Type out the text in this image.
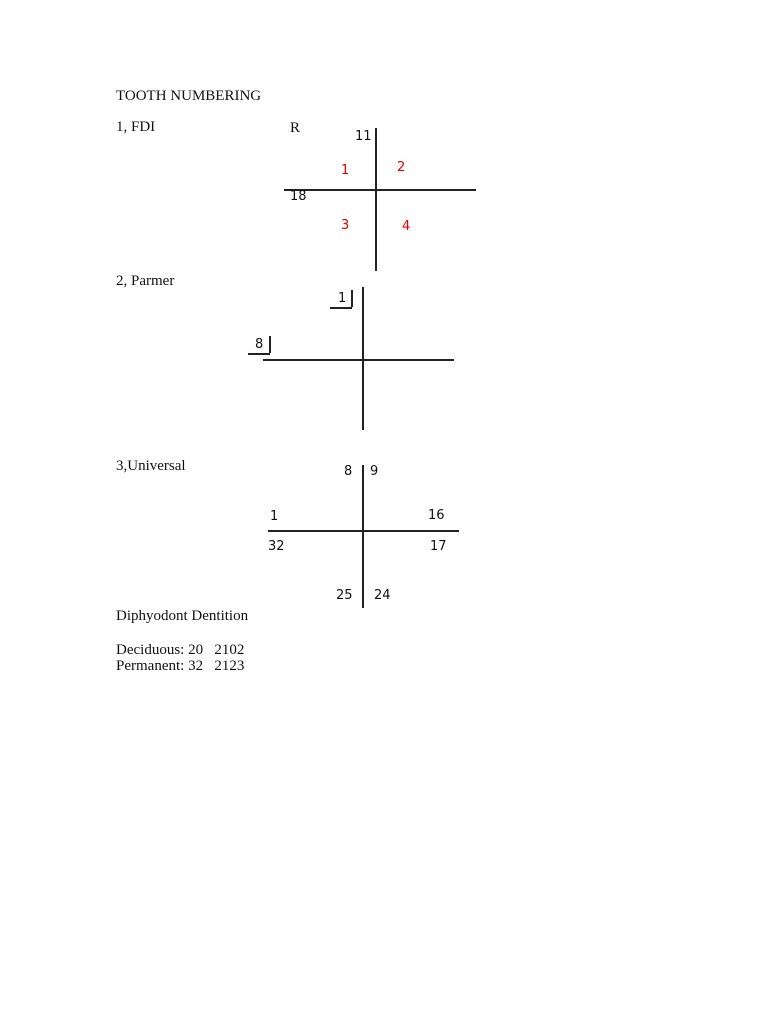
TOOTH NUMBERING
1, FDI	R
11
1	2
18
3	4
2, Parmer
1
8
3,Universal	8 9
1	16
32	17
25 24
Diphyodont Dentition
Deciduous: 20   2102
Permanent: 32   2123
